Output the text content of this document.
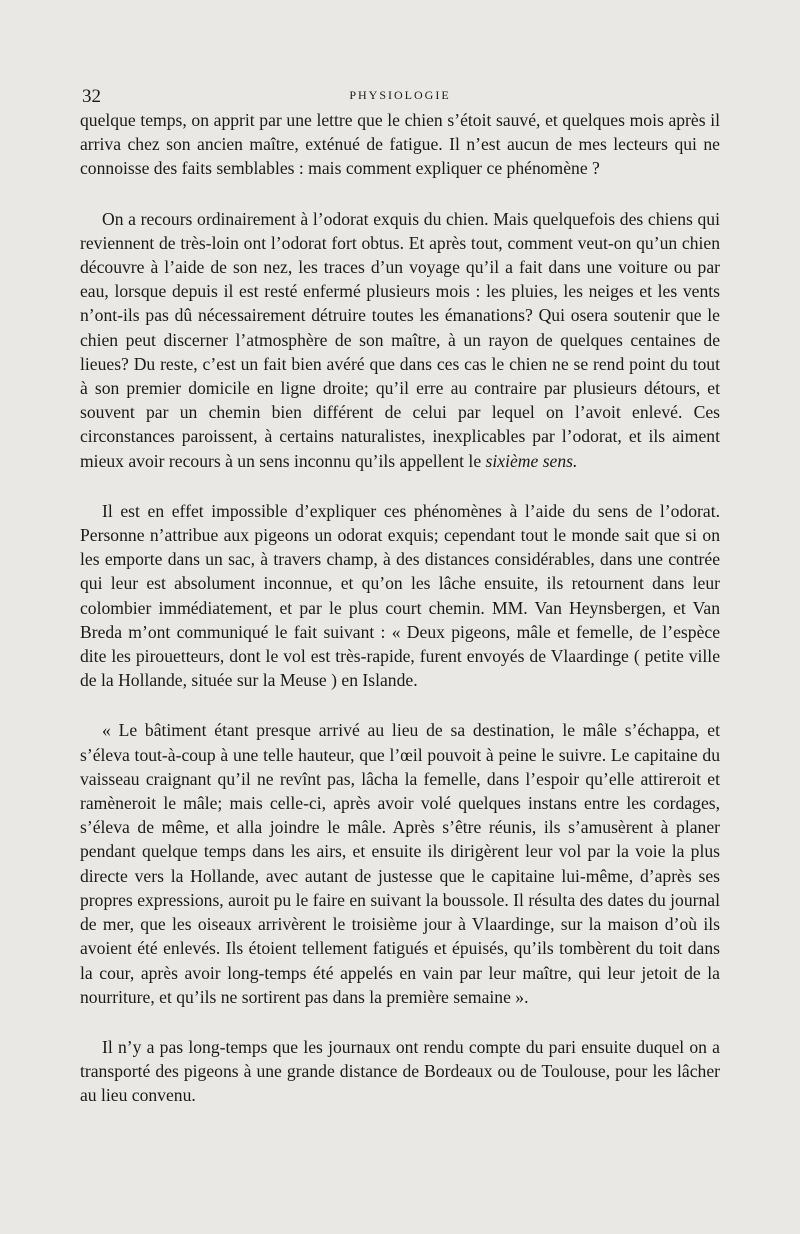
32	PHYSIOLOGIE

quelque temps, on apprit par une lettre que le chien s’étoit sauvé, et quelques mois après il arriva chez son ancien maître, exténué de fatigue. Il n’est aucun de mes lecteurs qui ne connoisse des faits semblables : mais comment expliquer ce phénomène ?

On a recours ordinairement à l’odorat exquis du chien. Mais quelquefois des chiens qui reviennent de très-loin ont l’odorat fort obtus. Et après tout, comment veut-on qu’un chien découvre à l’aide de son nez, les traces d’un voyage qu’il a fait dans une voiture ou par eau, lorsque depuis il est resté enfermé plusieurs mois : les pluies, les neiges et les vents n’ont-ils pas dû nécessairement détruire toutes les émanations? Qui osera soutenir que le chien peut discerner l’atmosphère de son maître, à un rayon de quelques centaines de lieues? Du reste, c’est un fait bien avéré que dans ces cas le chien ne se rend point du tout à son premier domicile en ligne droite; qu’il erre au contraire par plusieurs détours, et souvent par un chemin bien différent de celui par lequel on l’avoit enlevé. Ces circonstances paroissent, à certains naturalistes, inexplicables par l’odorat, et ils aiment mieux avoir recours à un sens inconnu qu’ils appellent le sixième sens.

Il est en effet impossible d’expliquer ces phénomènes à l’aide du sens de l’odorat. Personne n’attribue aux pigeons un odorat exquis; cependant tout le monde sait que si on les emporte dans un sac, à travers champ, à des distances considérables, dans une contrée qui leur est absolument inconnue, et qu’on les lâche ensuite, ils retournent dans leur colombier immédiatement, et par le plus court chemin. MM. Van Heynsbergen, et Van Breda m’ont communiqué le fait suivant : « Deux pigeons, mâle et femelle, de l’espèce dite les pirouetteurs, dont le vol est très-rapide, furent envoyés de Vlaardinge ( petite ville de la Hollande, située sur la Meuse ) en Islande.

« Le bâtiment étant presque arrivé au lieu de sa destination, le mâle s’échappa, et s’éleva tout-à-coup à une telle hauteur, que l’œil pouvoit à peine le suivre. Le capitaine du vaisseau craignant qu’il ne revînt pas, lâcha la femelle, dans l’espoir qu’elle attireroit et ramèneroit le mâle; mais celle-ci, après avoir volé quelques instans entre les cordages, s’éleva de même, et alla joindre le mâle. Après s’être réunis, ils s’amusèrent à planer pendant quelque temps dans les airs, et ensuite ils dirigèrent leur vol par la voie la plus directe vers la Hollande, avec autant de justesse que le capitaine lui-même, d’après ses propres expressions, auroit pu le faire en suivant la boussole. Il résulta des dates du journal de mer, que les oiseaux arrivèrent le troisième jour à Vlaardinge, sur la maison d’où ils avoient été enlevés. Ils étoient tellement fatigués et épuisés, qu’ils tombèrent du toit dans la cour, après avoir long-temps été appelés en vain par leur maître, qui leur jetoit de la nourriture, et qu’ils ne sortirent pas dans la première semaine ».

Il n’y a pas long-temps que les journaux ont rendu compte du pari ensuite duquel on a transporté des pigeons à une grande distance de Bordeaux ou de Toulouse, pour les lâcher au lieu convenu.
